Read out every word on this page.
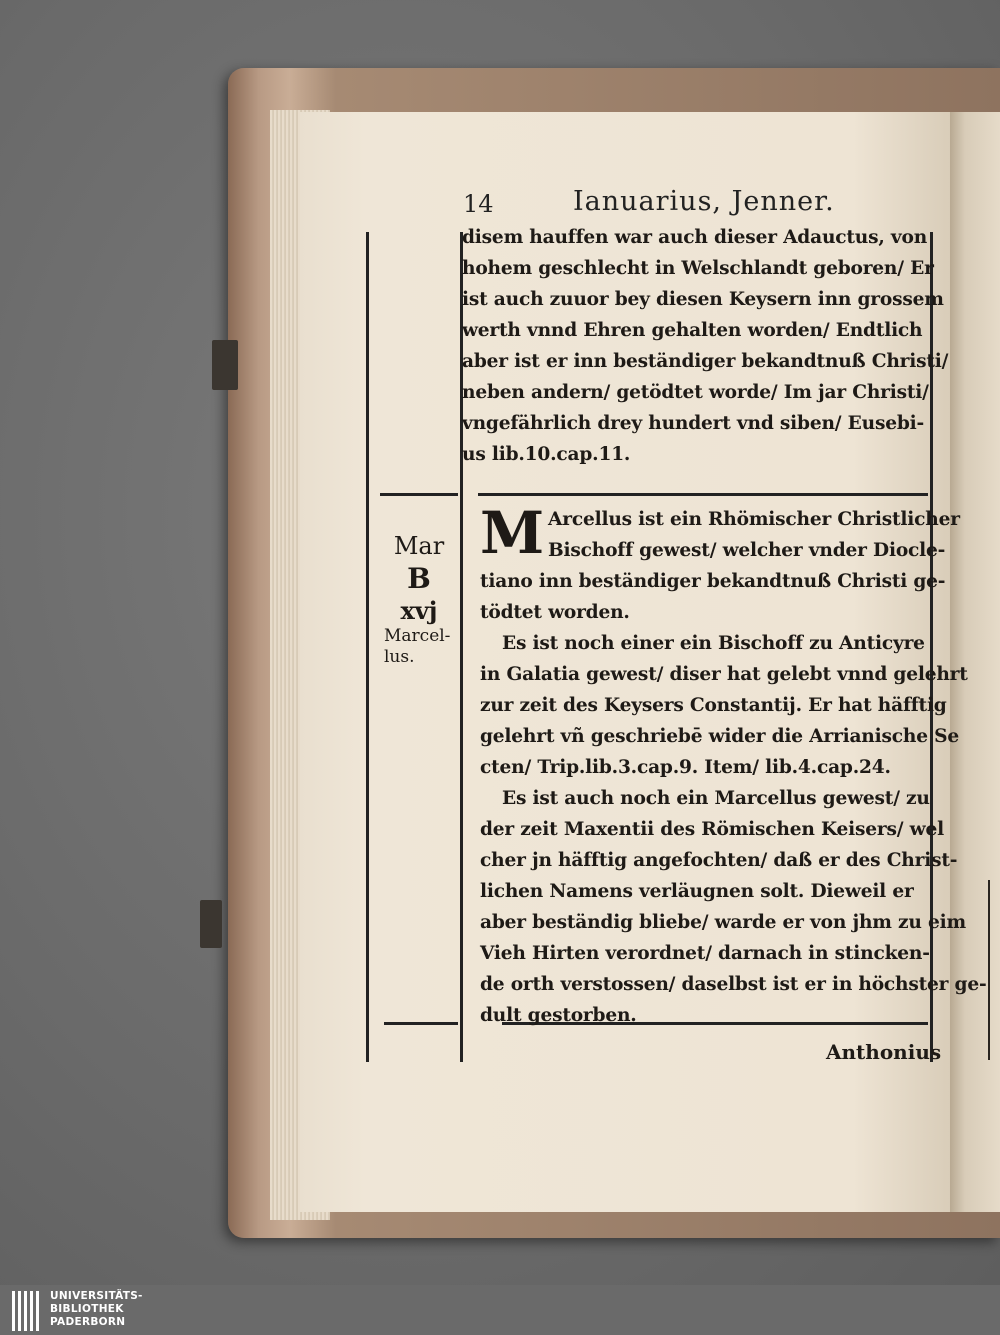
14	Ianuarius, Jenner.
disem hauffen war auch dieser Adauctus, von
hohem geschlecht in Welschlandt geboren/ Er
ist auch zuuor bey diesen Keysern inn grossem
werth vnnd Ehren gehalten worden/ Endtlich
aber ist er inn beständiger bekandtnuß Christi/
neben andern/ getödtet worde/ Im jar Christi/
vngefährlich drey hundert vnd siben/ Eusebi-
us lib.10.cap.11.
Mar
B
xvj
Marcel-
lus.
M Arcellus ist ein Rhömischer Christlicher
Bischoff gewest/ welcher vnder Diocle-
tiano inn beständiger bekandtnuß Christi ge-
tödtet worden.
Es ist noch einer ein Bischoff zu Anticyre
in Galatia gewest/ diser hat gelebt vnnd gelehrt
zur zeit des Keysers Constantij. Er hat häfftig
gelehrt vñ geschriebē wider die Arrianische Se
cten/ Trip.lib.3.cap.9. Item/ lib.4.cap.24.
Es ist auch noch ein Marcellus gewest/ zu
der zeit Maxentii des Römischen Keisers/ wel
cher jn häfftig angefochten/ daß er des Christ-
lichen Namens verläugnen solt. Dieweil er
aber beständig bliebe/ warde er von jhm zu eim
Vieh Hirten verordnet/ darnach in stincken-
de orth verstossen/ daselbst ist er in höchster ge-
dult gestorben.
Anthonius
UNIVERSITÄTS-
BIBLIOTHEK
PADERBORN
